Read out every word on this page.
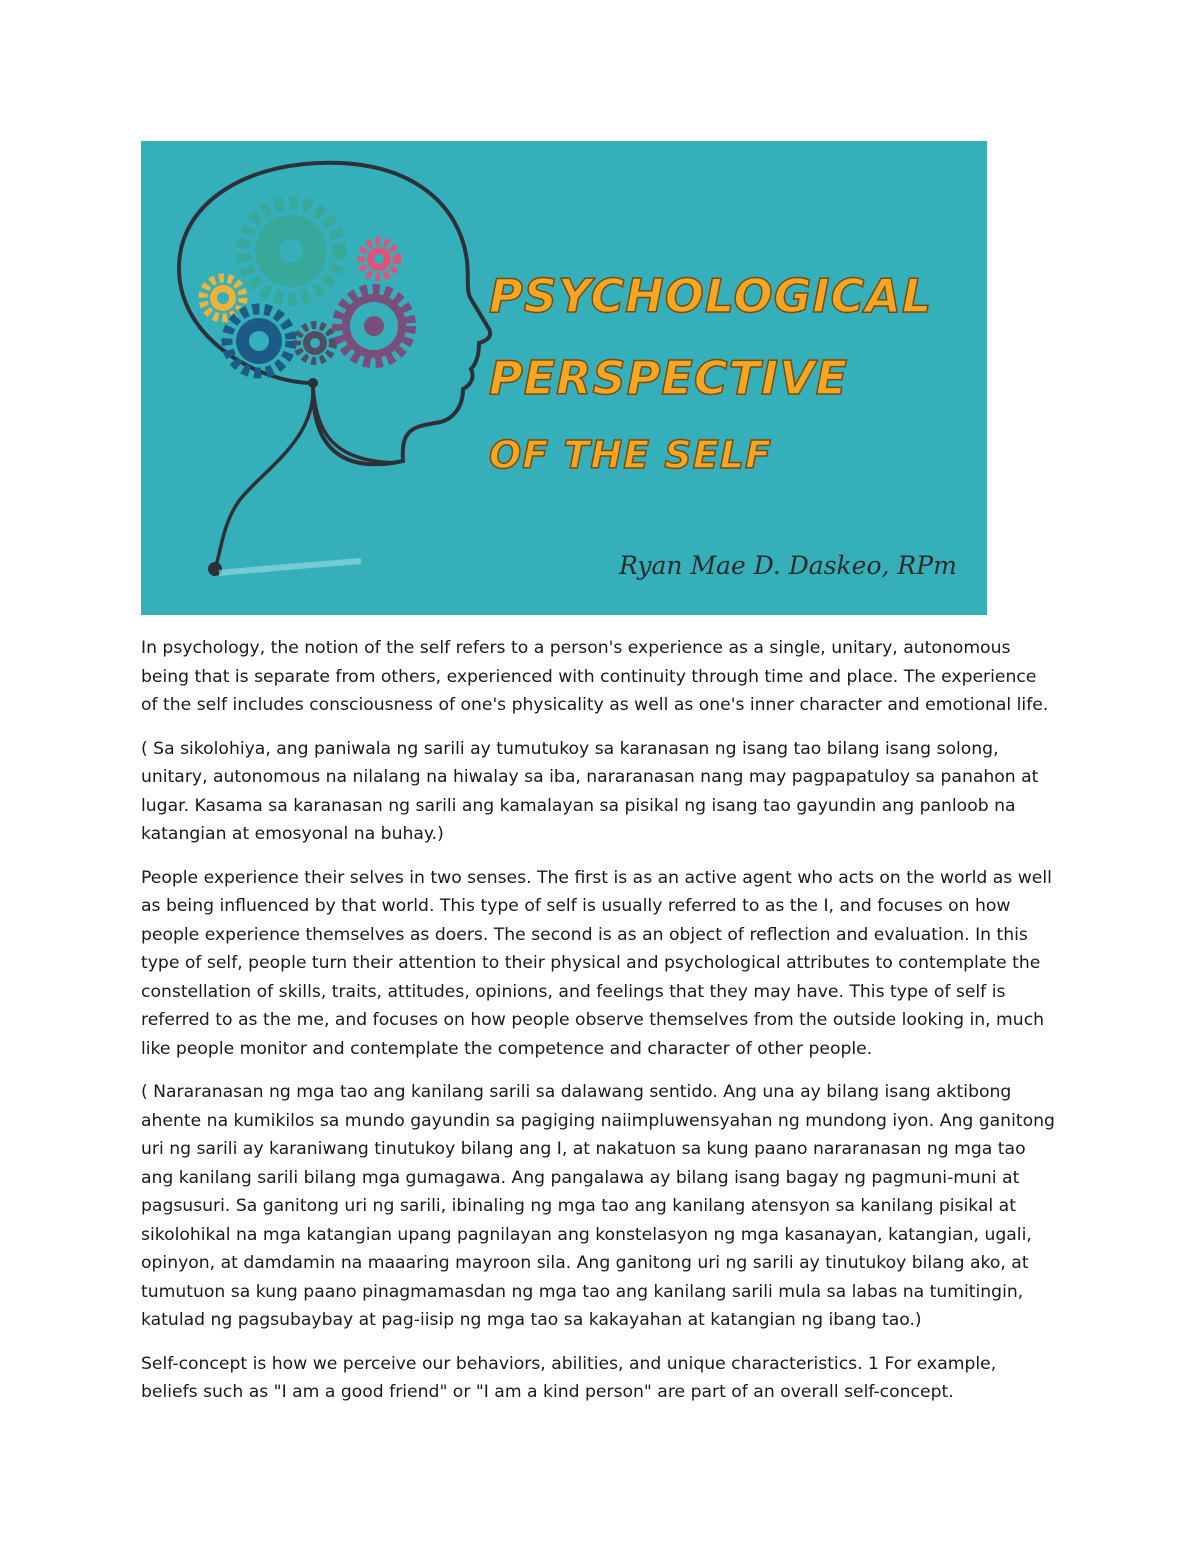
PSYCHOLOGICAL
PERSPECTIVE
OF THE SELF
Ryan Mae D. Daskeo, RPm

In psychology, the notion of the self refers to a person's experience as a single, unitary, autonomous being that is separate from others, experienced with continuity through time and place. The experience of the self includes consciousness of one's physicality as well as one's inner character and emotional life.

( Sa sikolohiya, ang paniwala ng sarili ay tumutukoy sa karanasan ng isang tao bilang isang solong, unitary, autonomous na nilalang na hiwalay sa iba, nararanasan nang may pagpapatuloy sa panahon at lugar. Kasama sa karanasan ng sarili ang kamalayan sa pisikal ng isang tao gayundin ang panloob na katangian at emosyonal na buhay.)

People experience their selves in two senses. The first is as an active agent who acts on the world as well as being influenced by that world. This type of self is usually referred to as the I, and focuses on how people experience themselves as doers. The second is as an object of reflection and evaluation. In this type of self, people turn their attention to their physical and psychological attributes to contemplate the constellation of skills, traits, attitudes, opinions, and feelings that they may have. This type of self is referred to as the me, and focuses on how people observe themselves from the outside looking in, much like people monitor and contemplate the competence and character of other people.

( Nararanasan ng mga tao ang kanilang sarili sa dalawang sentido. Ang una ay bilang isang aktibong ahente na kumikilos sa mundo gayundin sa pagiging naiimpluwensyahan ng mundong iyon. Ang ganitong uri ng sarili ay karaniwang tinutukoy bilang ang I, at nakatuon sa kung paano nararanasan ng mga tao ang kanilang sarili bilang mga gumagawa. Ang pangalawa ay bilang isang bagay ng pagmuni-muni at pagsusuri. Sa ganitong uri ng sarili, ibinaling ng mga tao ang kanilang atensyon sa kanilang pisikal at sikolohikal na mga katangian upang pagnilayan ang konstelasyon ng mga kasanayan, katangian, ugali, opinyon, at damdamin na maaaring mayroon sila. Ang ganitong uri ng sarili ay tinutukoy bilang ako, at tumutuon sa kung paano pinagmamasdan ng mga tao ang kanilang sarili mula sa labas na tumitingin, katulad ng pagsubaybay at pag-iisip ng mga tao sa kakayahan at katangian ng ibang tao.)

Self-concept is how we perceive our behaviors, abilities, and unique characteristics. 1 For example, beliefs such as "I am a good friend" or "I am a kind person" are part of an overall self-concept.
